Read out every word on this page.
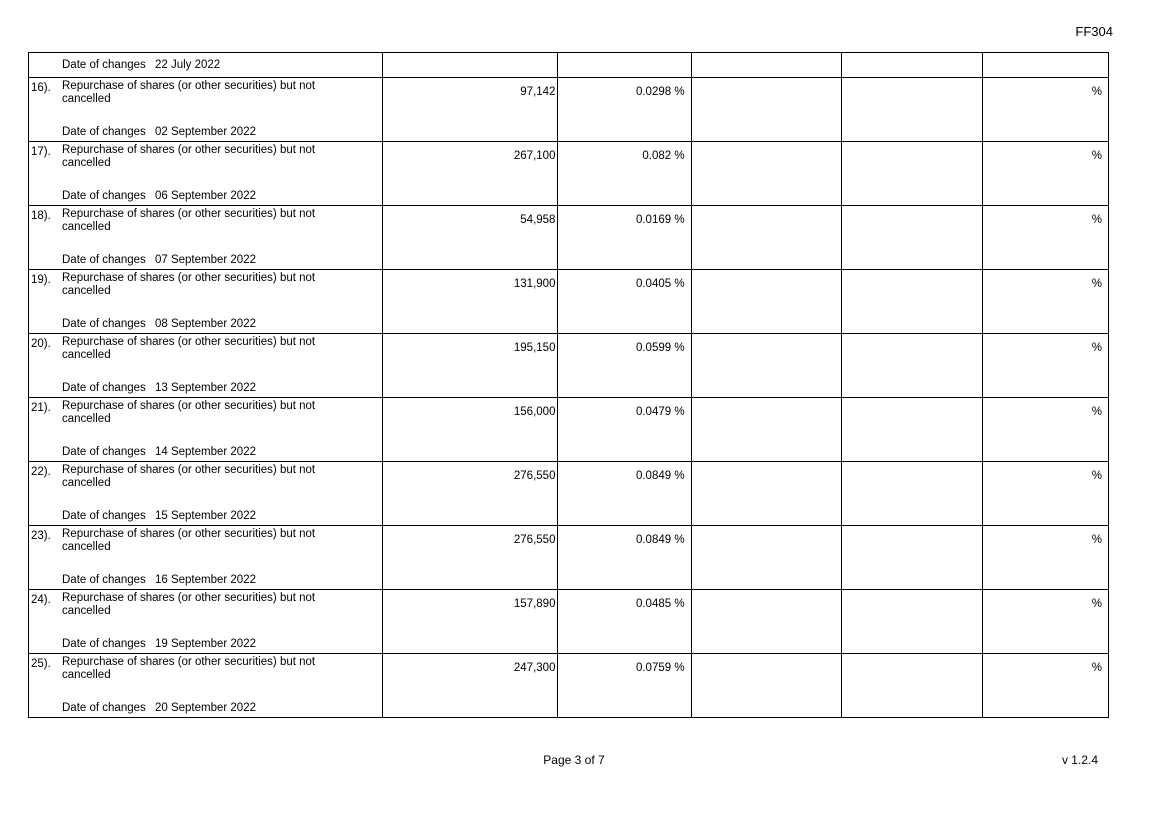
FF304
Date of changes 22 July 2022					

16). Repurchase of shares (or other securities) but not cancelled
Date of changes 02 September 2022	97,142	0.0298 %			%

17). Repurchase of shares (or other securities) but not cancelled
Date of changes 06 September 2022	267,100	0.082 %			%

18). Repurchase of shares (or other securities) but not cancelled
Date of changes 07 September 2022	54,958	0.0169 %			%

19). Repurchase of shares (or other securities) but not cancelled
Date of changes 08 September 2022	131,900	0.0405 %			%

20). Repurchase of shares (or other securities) but not cancelled
Date of changes 13 September 2022	195,150	0.0599 %			%

21). Repurchase of shares (or other securities) but not cancelled
Date of changes 14 September 2022	156,000	0.0479 %			%

22). Repurchase of shares (or other securities) but not cancelled
Date of changes 15 September 2022	276,550	0.0849 %			%

23). Repurchase of shares (or other securities) but not cancelled
Date of changes 16 September 2022	276,550	0.0849 %			%

24). Repurchase of shares (or other securities) but not cancelled
Date of changes 19 September 2022	157,890	0.0485 %			%

25). Repurchase of shares (or other securities) but not cancelled
Date of changes 20 September 2022	247,300	0.0759 %			%
Page 3 of 7	v 1.2.4
